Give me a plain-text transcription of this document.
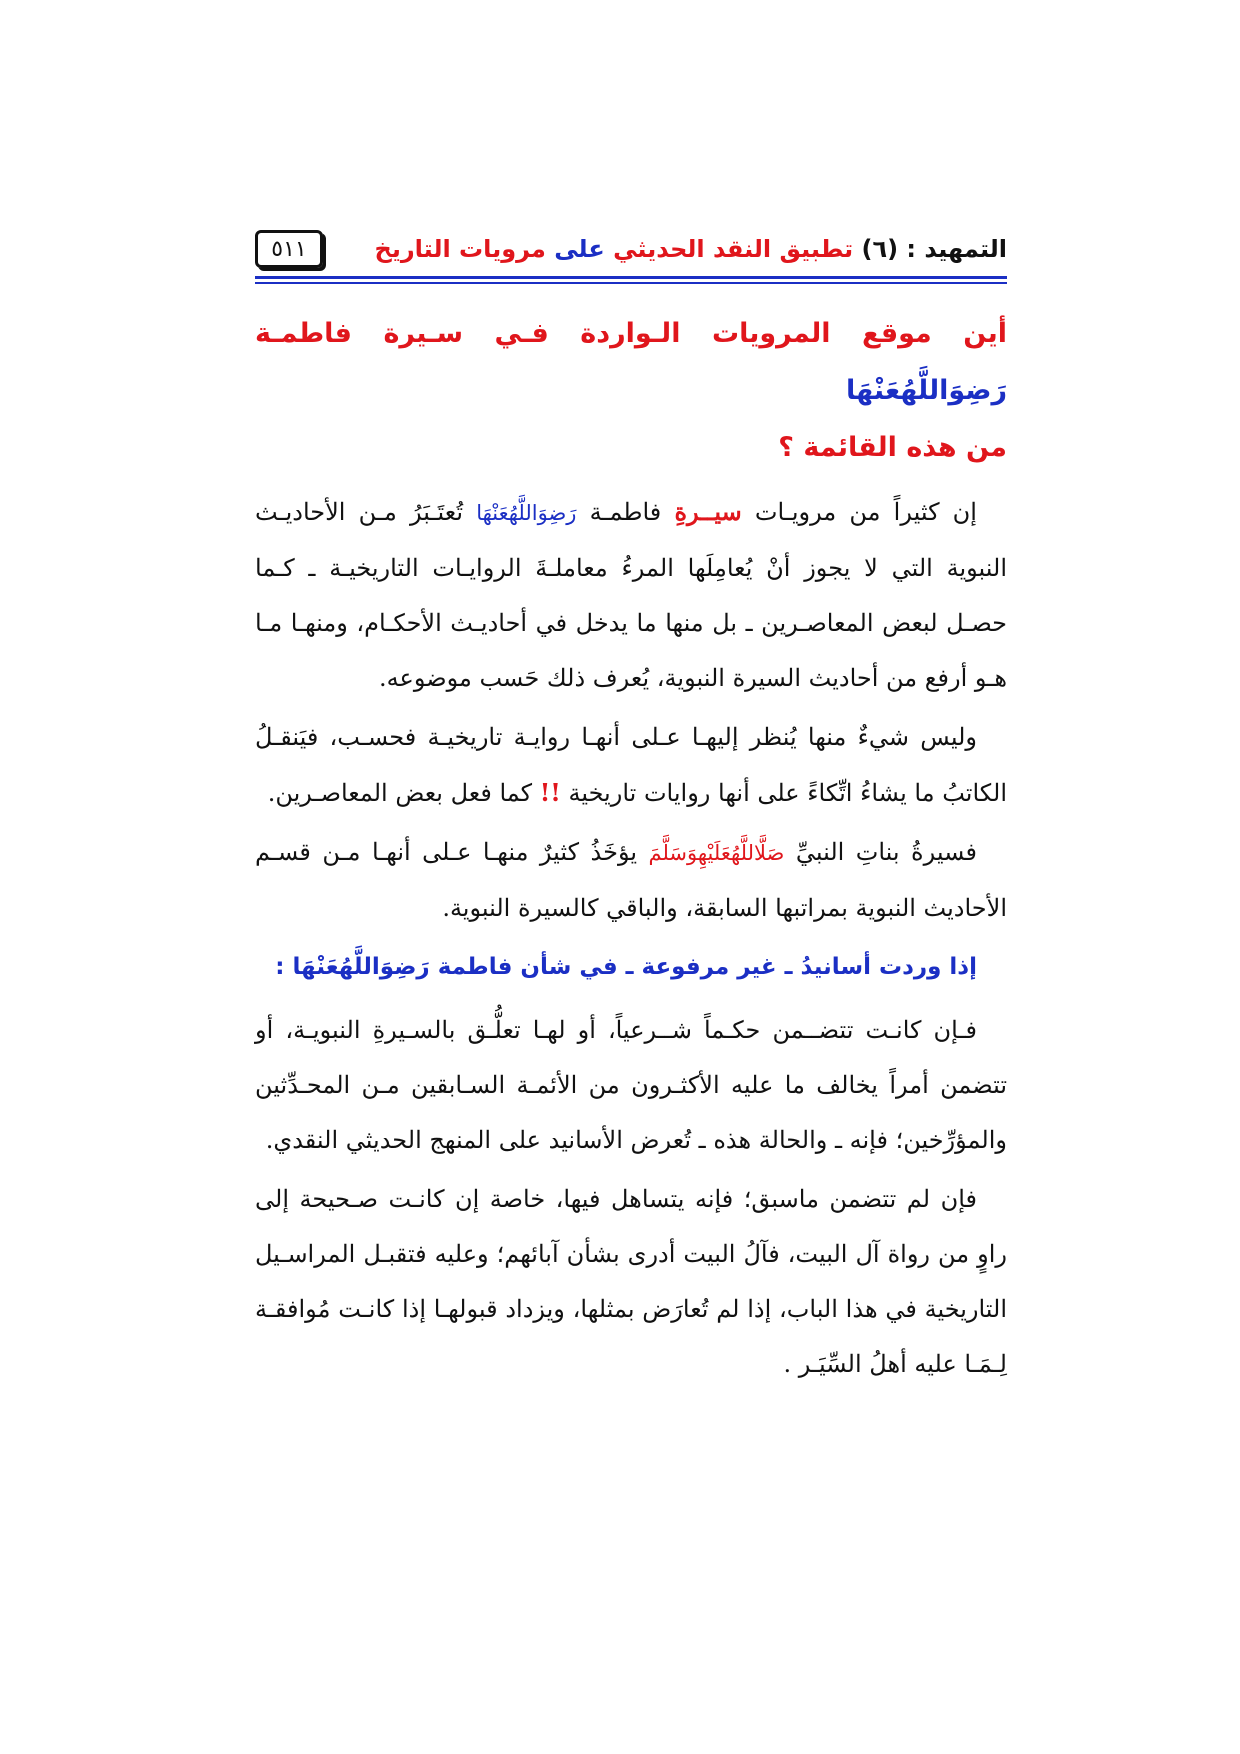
التمهيد : (٦) تطبيق النقد الحديثي على مرويات التاريخ
٥١١
أين موقع المرويات الـواردة فـي سـيرة فاطمـة رَضِوَاللَّهُعَنْهَا
من هذه القائمة ؟

إن كثيراً من مرويـات سيــرةِ فاطمـة رَضِوَاللَّهُعَنْهَا تُعتَـبَرُ مـن الأحاديـث النبوية التي لا يجوز أنْ يُعامِلَها المرءُ معاملـةَ الروايـات التاريخيـة ـ كـما حصـل لبعض المعاصـرين ـ بل منها ما يدخل في أحاديـث الأحكـام، ومنهـا مـا هـو أرفع من أحاديث السيرة النبوية، يُعرف ذلك حَسب موضوعه.

وليس شيءٌ منها يُنظر إليهـا عـلى أنهـا روايـة تاريخيـة فحسـب، فيَنقـلُ الكاتبُ ما يشاءُ اتِّكاءً على أنها روايات تاريخية !! كما فعل بعض المعاصـرين.

فسيرةُ بناتِ النبيِّ صَلَّاللَّهُعَلَيْهِوَسَلَّمَ يؤخَذُ كثيرٌ منهـا عـلى أنهـا مـن قسـم الأحاديث النبوية بمراتبها السابقة، والباقي كالسيرة النبوية.

إذا وردت أسانيدُ ـ غير مرفوعة ـ في شأن فاطمة رَضِوَاللَّهُعَنْهَا :

فـإن كانـت تتضــمن حكـماً شــرعياً، أو لهـا تعلُّـق بالسـيرةِ النبويـة، أو تتضمن أمراً يخالف ما عليه الأكثـرون من الأئمـة السـابقين مـن المحـدِّثين والمؤرِّخين؛ فإنه ـ والحالة هذه ـ تُعرض الأسانيد على المنهج الحديثي النقدي.

فإن لم تتضمن ماسبق؛ فإنه يتساهل فيها، خاصة إن كانـت صـحيحة إلى راوٍ من رواة آل البيت، فآلُ البيت أدرى بشأن آبائهم؛ وعليه فتقبـل المراسـيل التاريخية في هذا الباب، إذا لم تُعارَض بمثلها، ويزداد قبولهـا إذا كانـت مُوافقـة لِـمَـا عليه أهلُ السِّيَـر .
